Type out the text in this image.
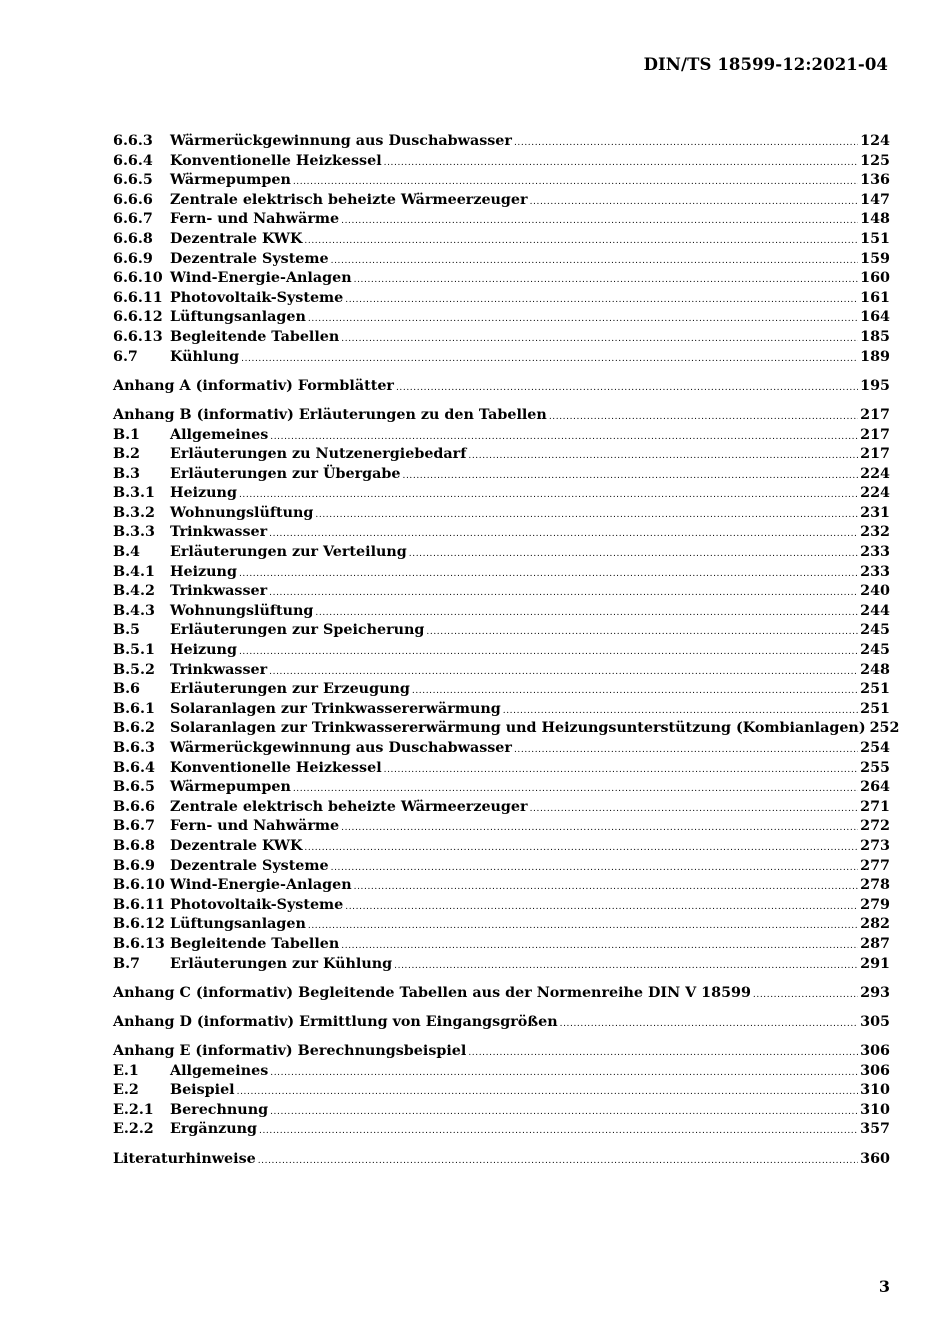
DIN/TS 18599-12:2021-04
6.6.3	Wärmerückgewinnung aus Duschabwasser .....	124
6.6.4	Konventionelle Heizkessel .....	125
6.6.5	Wärmepumpen .....	136
6.6.6	Zentrale elektrisch beheizte Wärmeerzeuger .....	147
6.6.7	Fern- und Nahwärme .....	148
6.6.8	Dezentrale KWK .....	151
6.6.9	Dezentrale Systeme .....	159
6.6.10 Wind-Energie-Anlagen .....	160
6.6.11 Photovoltaik-Systeme .....	161
6.6.12 Lüftungsanlagen .....	164
6.6.13 Begleitende Tabellen .....	185
6.7	Kühlung .....	189
Anhang A (informativ) Formblätter .....	195
Anhang B (informativ) Erläuterungen zu den Tabellen .....	217
B.1	Allgemeines .....	217
B.2	Erläuterungen zu Nutzenergiebedarf .....	217
B.3	Erläuterungen zur Übergabe .....	224
B.3.1	Heizung .....	224
B.3.2	Wohnungslüftung .....	231
B.3.3	Trinkwasser .....	232
B.4	Erläuterungen zur Verteilung .....	233
B.4.1	Heizung .....	233
B.4.2	Trinkwasser .....	240
B.4.3	Wohnungslüftung .....	244
B.5	Erläuterungen zur Speicherung .....	245
B.5.1	Heizung .....	245
B.5.2	Trinkwasser .....	248
B.6	Erläuterungen zur Erzeugung .....	251
B.6.1	Solaranlagen zur Trinkwassererwärmung .....	251
B.6.2	Solaranlagen zur Trinkwassererwärmung und Heizungsunterstützung (Kombianlagen) 252
B.6.3	Wärmerückgewinnung aus Duschabwasser .....	254
B.6.4	Konventionelle Heizkessel .....	255
B.6.5	Wärmepumpen .....	264
B.6.6	Zentrale elektrisch beheizte Wärmeerzeuger .....	271
B.6.7	Fern- und Nahwärme .....	272
B.6.8	Dezentrale KWK .....	273
B.6.9	Dezentrale Systeme .....	277
B.6.10 Wind-Energie-Anlagen .....	278
B.6.11 Photovoltaik-Systeme .....	279
B.6.12 Lüftungsanlagen .....	282
B.6.13 Begleitende Tabellen .....	287
B.7	Erläuterungen zur Kühlung .....	291
Anhang C (informativ) Begleitende Tabellen aus der Normenreihe DIN V 18599 .....	293
Anhang D (informativ) Ermittlung von Eingangsgrößen .....	305
Anhang E (informativ) Berechnungsbeispiel .....	306
E.1	Allgemeines .....	306
E.2	Beispiel .....	310
E.2.1	Berechnung .....	310
E.2.2	Ergänzung .....	357
Literaturhinweise .....	360
3
